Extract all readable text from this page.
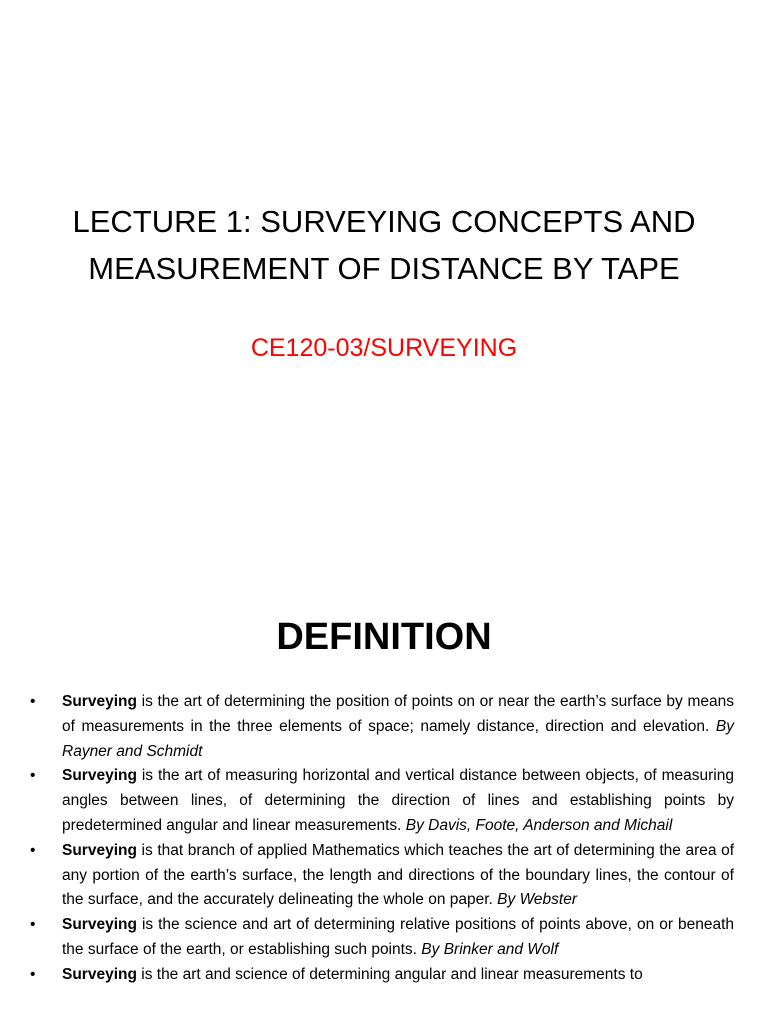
LECTURE 1: SURVEYING CONCEPTS AND
MEASUREMENT OF DISTANCE BY TAPE
CE120-03/SURVEYING
DEFINITION
• Surveying is the art of determining the position of points on or near the earth’s surface by means of measurements in the three elements of space; namely distance, direction and elevation. By Rayner and Schmidt
• Surveying is the art of measuring horizontal and vertical distance between objects, of measuring angles between lines, of determining the direction of lines and establishing points by predetermined angular and linear measurements. By Davis, Foote, Anderson and Michail
• Surveying is that branch of applied Mathematics which teaches the art of determining the area of any portion of the earth’s surface, the length and directions of the boundary lines, the contour of the surface, and the accurately delineating the whole on paper. By Webster
• Surveying is the science and art of determining relative positions of points above, on or beneath the surface of the earth, or establishing such points. By Brinker and Wolf
• Surveying is the art and science of determining angular and linear measurements to
